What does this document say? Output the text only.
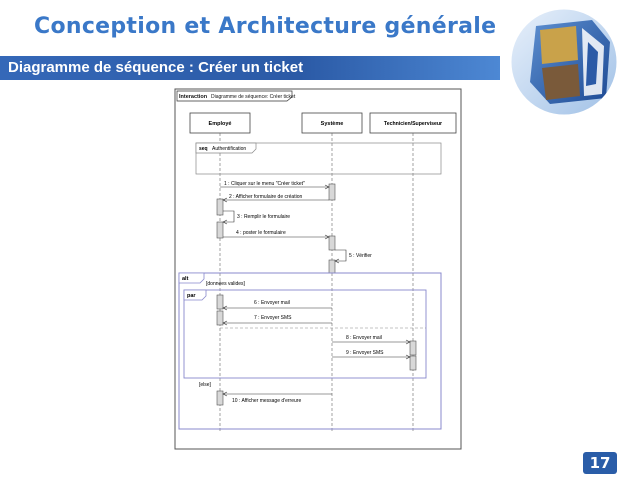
Conception et Architecture générale
Diagramme de séquence : Créer un ticket
Interaction Diagramme de séquence: Créer ticket
Employé	Système	Technicien/Superviseur
seq Authentification
1 : Cliquer sur le menu "Créer ticket"
2 : Afficher formulaire de création
3 : Remplir le formulaire
4 : poster le formulaire
5 : Vérifier
alt
[données valides]
par
6 : Envoyer mail
7 : Envoyer SMS
8 : Envoyer mail
9 : Envoyer SMS
[else]
10 : Afficher message d'erreure
17
